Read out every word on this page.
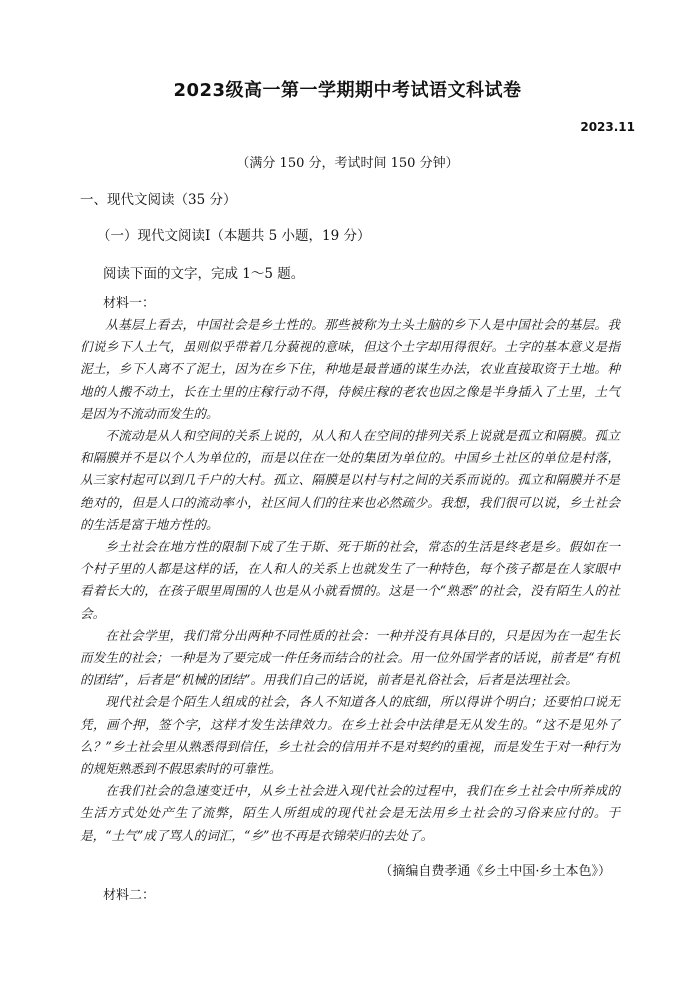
2023级高一第一学期期中考试语文科试卷
2023.11
（满分 150 分，考试时间 150 分钟）
一、现代文阅读（35 分）
（一）现代文阅读Ⅰ（本题共 5 小题，19 分）
阅读下面的文字，完成 1～5 题。
材料一：

从基层上看去，中国社会是乡土性的。那些被称为土头土脑的乡下人是中国社会的基层。我们说乡下人土气，虽则似乎带着几分藐视的意味，但这个土字却用得很好。土字的基本意义是指泥土，乡下人离不了泥土，因为在乡下住，种地是最普通的谋生办法，农业直接取资于土地。种地的人搬不动土，长在土里的庄稼行动不得，侍候庄稼的老农也因之像是半身插入了土里，土气是因为不流动而发生的。

不流动是从人和空间的关系上说的，从人和人在空间的排列关系上说就是孤立和隔膜。孤立和隔膜并不是以个人为单位的，而是以住在一处的集团为单位的。中国乡土社区的单位是村落，从三家村起可以到几千户的大村。孤立、隔膜是以村与村之间的关系而说的。孤立和隔膜并不是绝对的，但是人口的流动率小，社区间人们的往来也必然疏少。我想，我们很可以说，乡土社会的生活是富于地方性的。

乡土社会在地方性的限制下成了生于斯、死于斯的社会，常态的生活是终老是乡。假如在一个村子里的人都是这样的话，在人和人的关系上也就发生了一种特色，每个孩子都是在人家眼中看着长大的，在孩子眼里周围的人也是从小就看惯的。这是一个“熟悉”的社会，没有陌生人的社会。

在社会学里，我们常分出两种不同性质的社会：一种并没有具体目的，只是因为在一起生长而发生的社会；一种是为了要完成一件任务而结合的社会。用一位外国学者的话说，前者是“有机的团结”，后者是“机械的团结”。用我们自己的话说，前者是礼俗社会，后者是法理社会。

现代社会是个陌生人组成的社会，各人不知道各人的底细，所以得讲个明白；还要怕口说无凭，画个押，签个字，这样才发生法律效力。在乡土社会中法律是无从发生的。“这不是见外了么？”乡土社会里从熟悉得到信任，乡土社会的信用并不是对契约的重视，而是发生于对一种行为的规矩熟悉到不假思索时的可靠性。

在我们社会的急速变迁中，从乡土社会进入现代社会的过程中，我们在乡土社会中所养成的生活方式处处产生了流弊，陌生人所组成的现代社会是无法用乡土社会的习俗来应付的。于是，“土气”成了骂人的词汇，“乡”也不再是衣锦荣归的去处了。

（摘编自费孝通《乡土中国·乡土本色》）
材料二：
